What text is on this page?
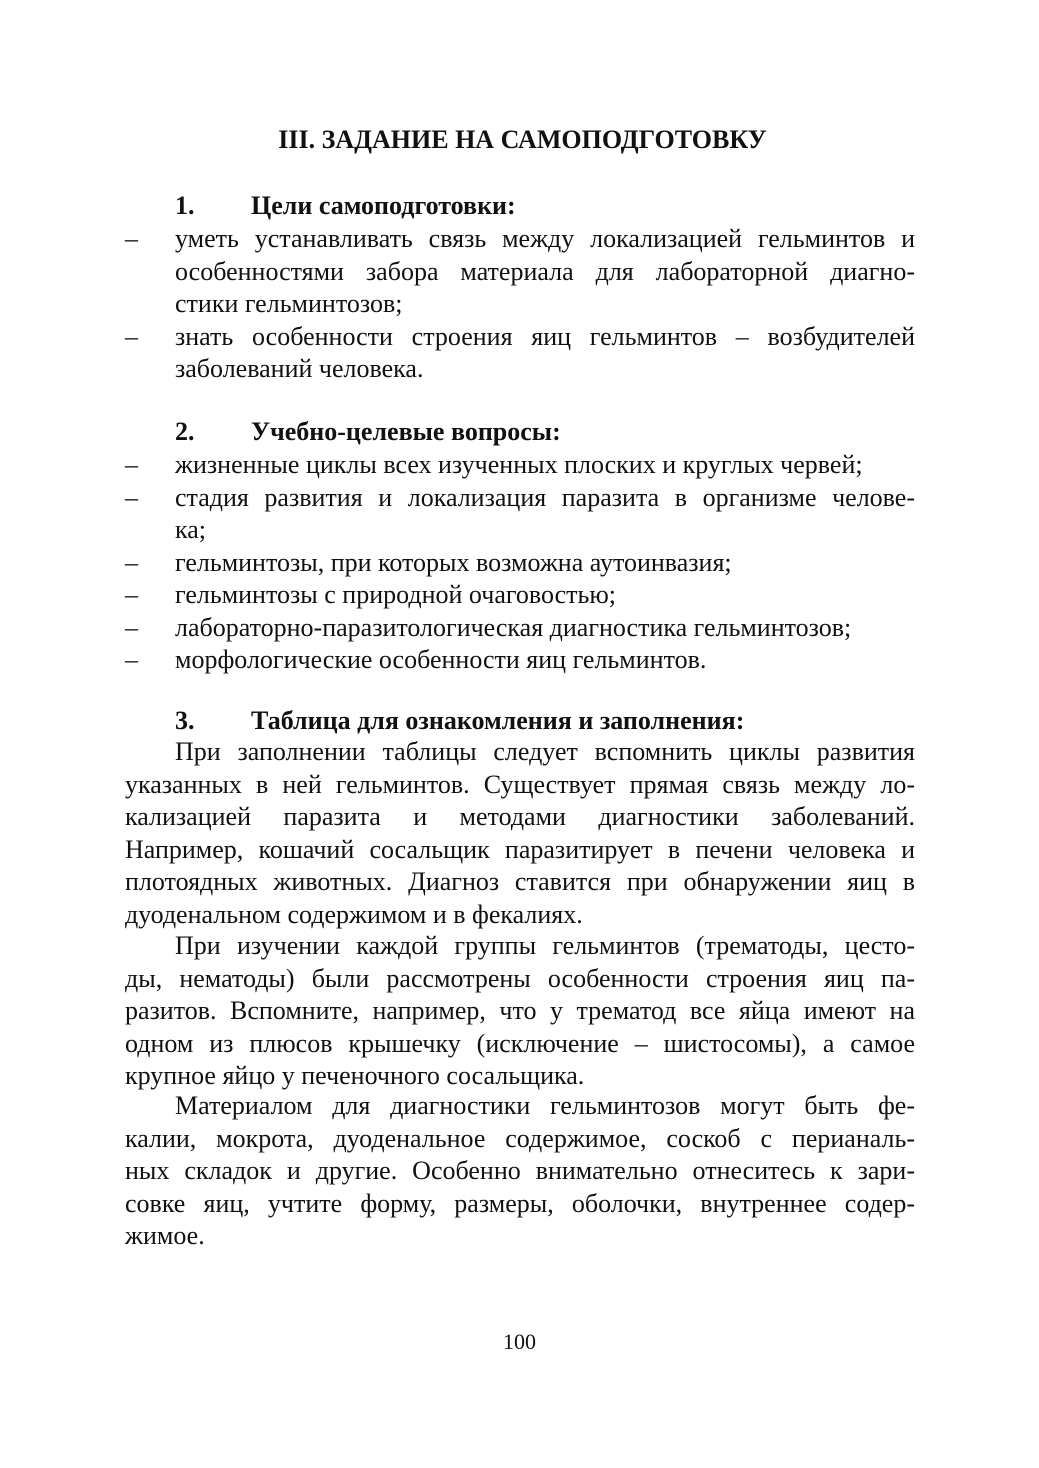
III. ЗАДАНИЕ НА САМОПОДГОТОВКУ
1. Цели самоподготовки:
– уметь устанавливать связь между локализацией гельминтов и
особенностями забора материала для лабораторной диагно-
стики гельминтозов;
– знать особенности строения яиц гельминтов – возбудителей
заболеваний человека.
2. Учебно-целевые вопросы:
– жизненные циклы всех изученных плоских и круглых червей;
– стадия развития и локализация паразита в организме челове-
ка;
– гельминтозы, при которых возможна аутоинвазия;
– гельминтозы с природной очаговостью;
– лабораторно-паразитологическая диагностика гельминтозов;
– морфологические особенности яиц гельминтов.
3. Таблица для ознакомления и заполнения:
При заполнении таблицы следует вспомнить циклы развития
указанных в ней гельминтов. Существует прямая связь между ло-
кализацией паразита и методами диагностики заболеваний.
Например, кошачий сосальщик паразитирует в печени человека и
плотоядных животных. Диагноз ставится при обнаружении яиц в
дуоденальном содержимом и в фекалиях.
При изучении каждой группы гельминтов (трематоды, цесто-
ды, нематоды) были рассмотрены особенности строения яиц па-
разитов. Вспомните, например, что у трематод все яйца имеют на
одном из плюсов крышечку (исключение – шистосомы), а самое
крупное яйцо у печеночного сосальщика.
Материалом для диагностики гельминтозов могут быть фе-
калии, мокрота, дуоденальное содержимое, соскоб с перианаль-
ных складок и другие. Особенно внимательно отнеситесь к зари-
совке яиц, учтите форму, размеры, оболочки, внутреннее содер-
жимое.
100
